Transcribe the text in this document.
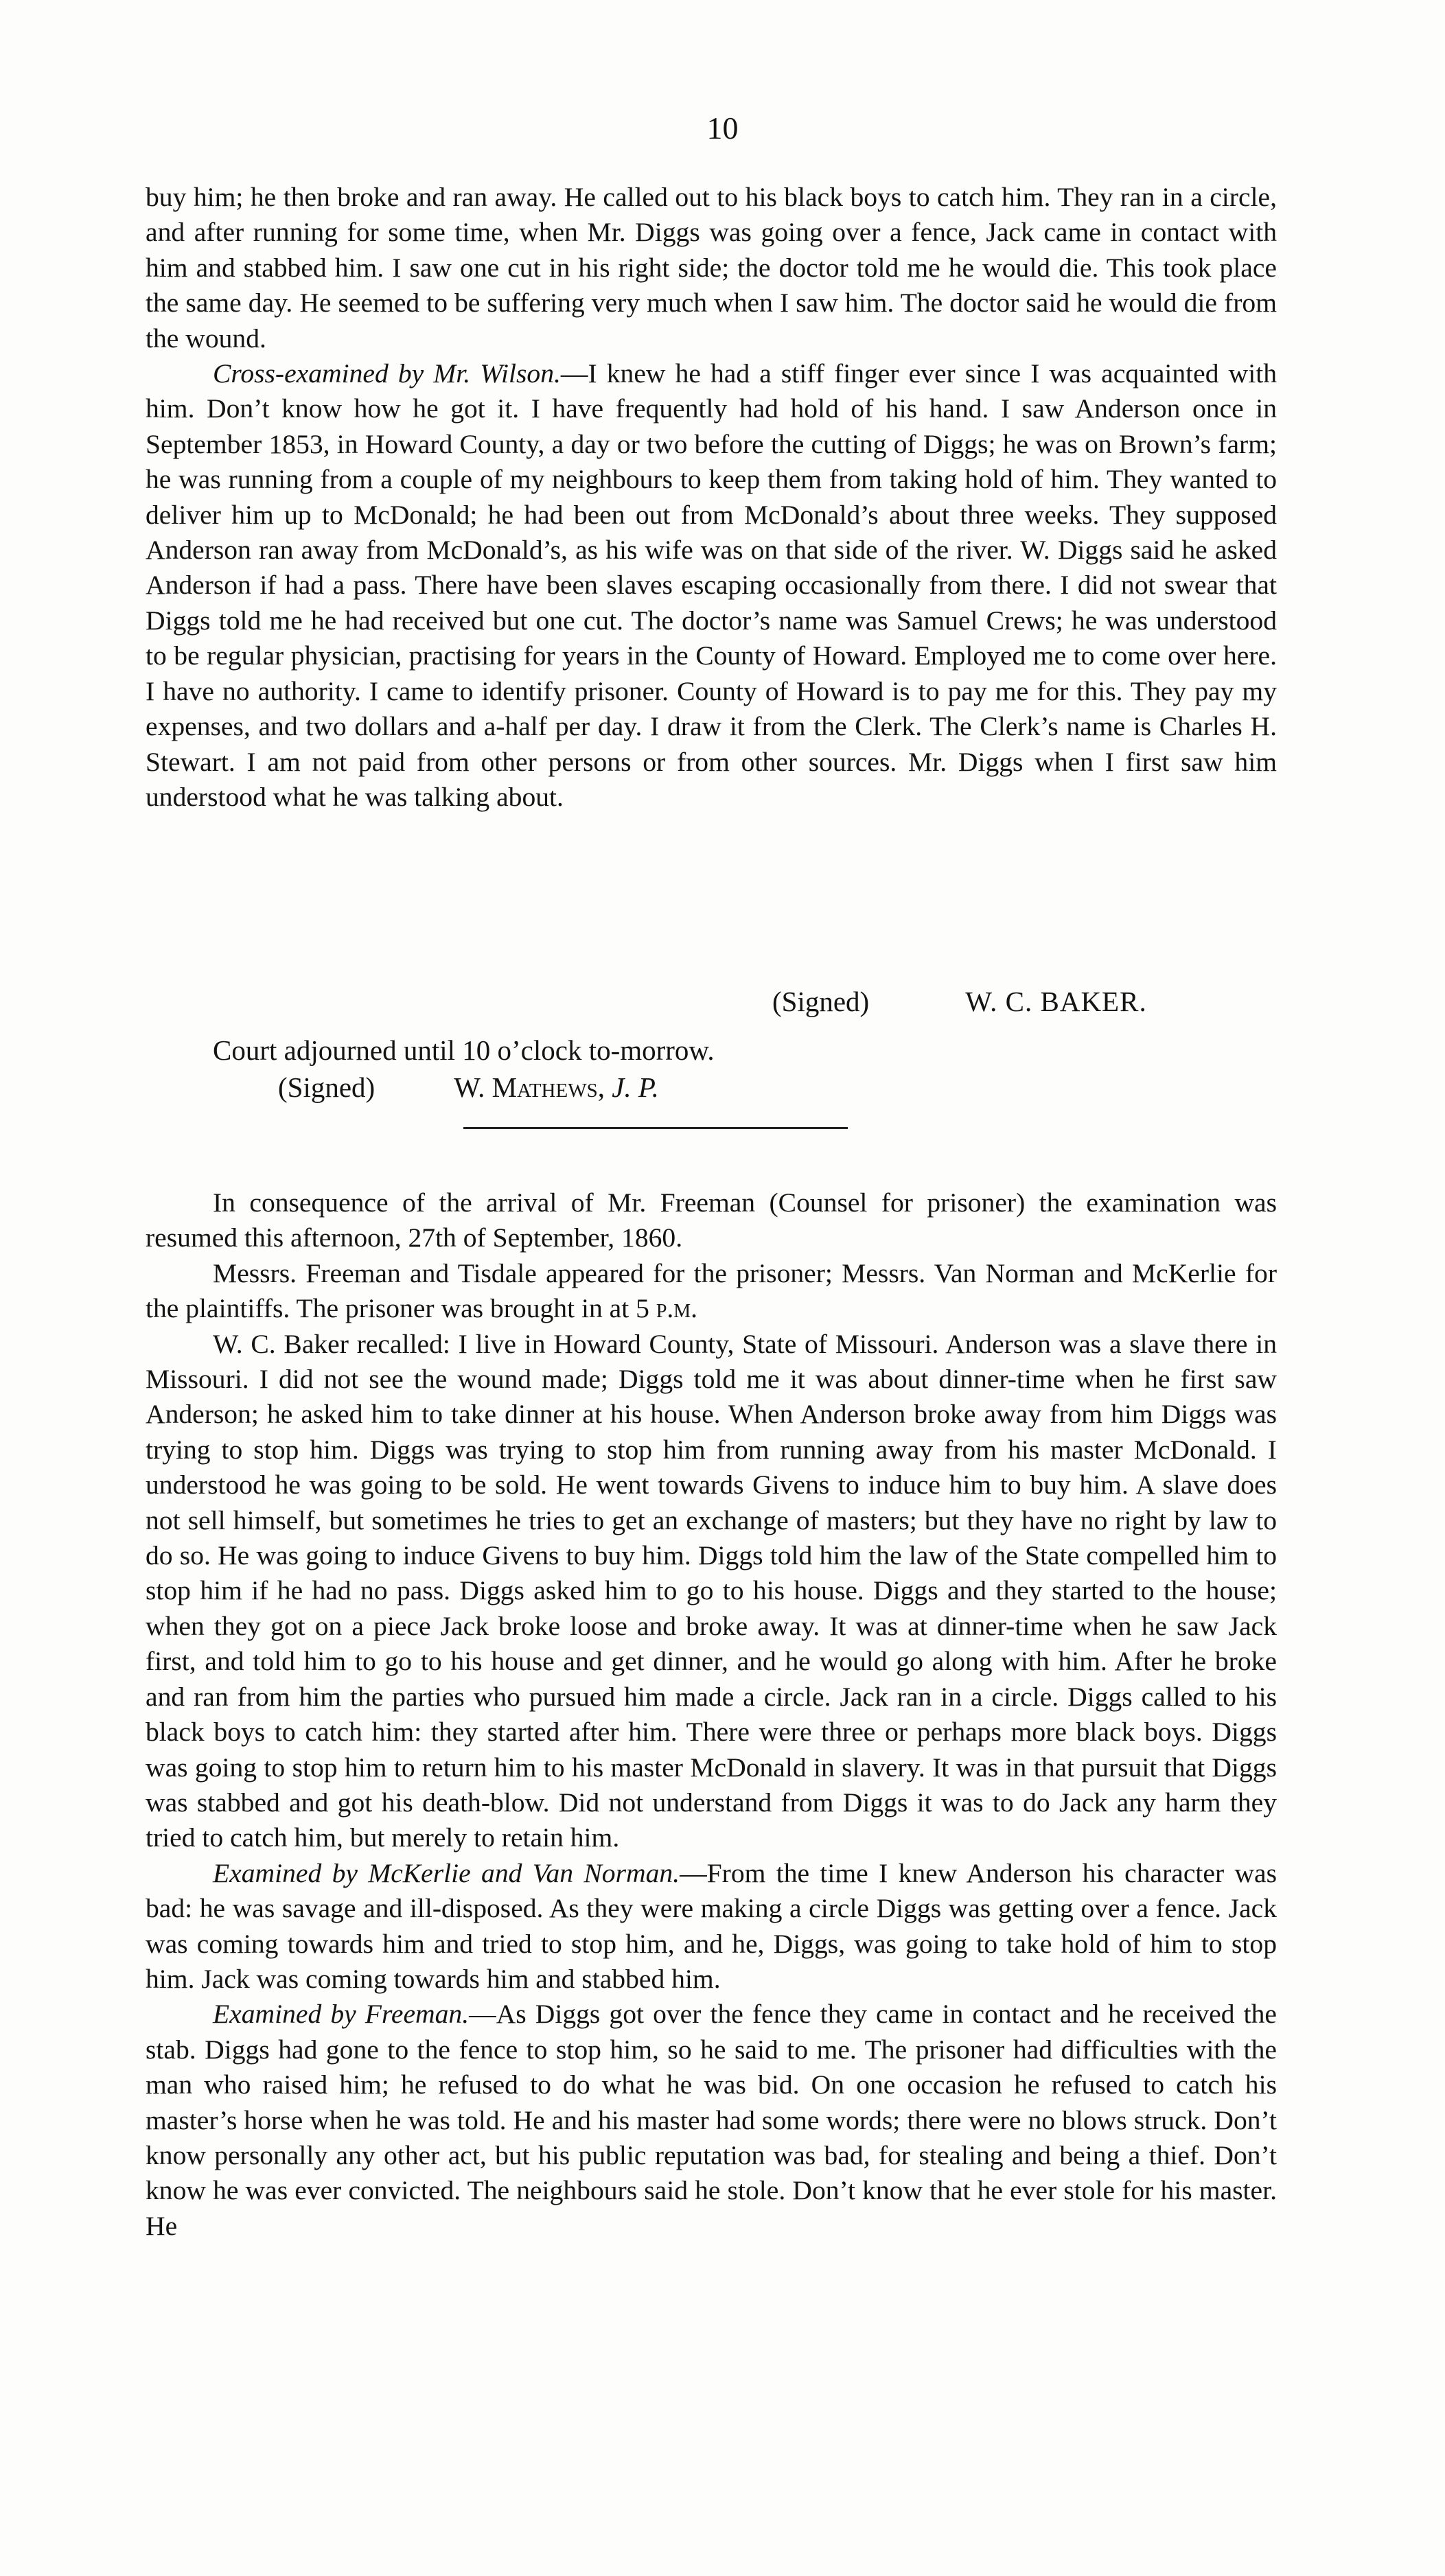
10

buy him; he then broke and ran away. He called out to his black boys to catch him. They ran in a circle, and after running for some time, when Mr. Diggs was going over a fence, Jack came in contact with him and stabbed him. I saw one cut in his right side; the doctor told me he would die. This took place the same day. He seemed to be suffering very much when I saw him. The doctor said he would die from the wound.

Cross-examined by Mr. Wilson.—I knew he had a stiff finger ever since I was acquainted with him. Don’t know how he got it. I have frequently had hold of his hand. I saw Anderson once in September 1853, in Howard County, a day or two before the cutting of Diggs; he was on Brown’s farm; he was running from a couple of my neighbours to keep them from taking hold of him. They wanted to deliver him up to McDonald; he had been out from McDonald’s about three weeks. They supposed Anderson ran away from McDonald’s, as his wife was on that side of the river. W. Diggs said he asked Anderson if had a pass. There have been slaves escaping occasionally from there. I did not swear that Diggs told me he had received but one cut. The doctor’s name was Samuel Crews; he was understood to be regular physician, practising for years in the County of Howard. Employed me to come over here. I have no authority. I came to identify prisoner. County of Howard is to pay me for this. They pay my expenses, and two dollars and a-half per day. I draw it from the Clerk. The Clerk’s name is Charles H. Stewart. I am not paid from other persons or from other sources. Mr. Diggs when I first saw him understood what he was talking about.

(Signed)	W. C. BAKER.
Court adjourned until 10 o’clock to-morrow.
(Signed)	W. Mathews, J. P.

In consequence of the arrival of Mr. Freeman (Counsel for prisoner) the examination was resumed this afternoon, 27th of September, 1860.

Messrs. Freeman and Tisdale appeared for the prisoner; Messrs. Van Norman and McKerlie for the plaintiffs. The prisoner was brought in at 5 p.m.

W. C. Baker recalled: I live in Howard County, State of Missouri. Anderson was a slave there in Missouri. I did not see the wound made; Diggs told me it was about dinner-time when he first saw Anderson; he asked him to take dinner at his house. When Anderson broke away from him Diggs was trying to stop him. Diggs was trying to stop him from running away from his master McDonald. I understood he was going to be sold. He went towards Givens to induce him to buy him. A slave does not sell himself, but sometimes he tries to get an exchange of masters; but they have no right by law to do so. He was going to induce Givens to buy him. Diggs told him the law of the State compelled him to stop him if he had no pass. Diggs asked him to go to his house. Diggs and they started to the house; when they got on a piece Jack broke loose and broke away. It was at dinner-time when he saw Jack first, and told him to go to his house and get dinner, and he would go along with him. After he broke and ran from him the parties who pursued him made a circle. Jack ran in a circle. Diggs called to his black boys to catch him: they started after him. There were three or perhaps more black boys. Diggs was going to stop him to return him to his master McDonald in slavery. It was in that pursuit that Diggs was stabbed and got his death-blow. Did not understand from Diggs it was to do Jack any harm they tried to catch him, but merely to retain him.

Examined by McKerlie and Van Norman.—From the time I knew Anderson his character was bad: he was savage and ill-disposed. As they were making a circle Diggs was getting over a fence. Jack was coming towards him and tried to stop him, and he, Diggs, was going to take hold of him to stop him. Jack was coming towards him and stabbed him.

Examined by Freeman.—As Diggs got over the fence they came in contact and he received the stab. Diggs had gone to the fence to stop him, so he said to me. The prisoner had difficulties with the man who raised him; he refused to do what he was bid. On one occasion he refused to catch his master’s horse when he was told. He and his master had some words; there were no blows struck. Don’t know personally any other act, but his public reputation was bad, for stealing and being a thief. Don’t know he was ever convicted. The neighbours said he stole. Don’t know that he ever stole for his master. He
